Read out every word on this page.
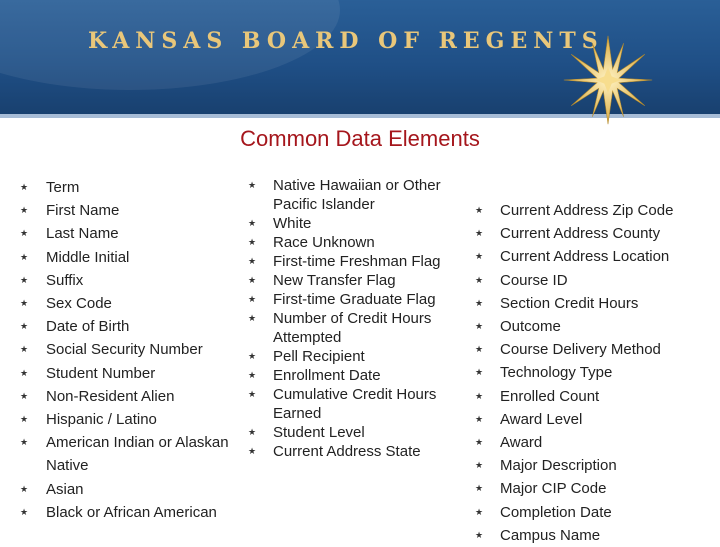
KANSAS BOARD OF REGENTS
Common Data Elements
★ Term
★ First Name
★ Last Name
★ Middle Initial
★ Suffix
★ Sex Code
★ Date of Birth
★ Social Security Number
★ Student Number
★ Non-Resident Alien
★ Hispanic / Latino
★ American Indian or Alaskan Native
★ Asian
★ Black or African American
★ Native Hawaiian or Other Pacific Islander
★ White
★ Race Unknown
★ First-time Freshman Flag
★ New Transfer Flag
★ First-time Graduate Flag
★ Number of Credit Hours Attempted
★ Pell Recipient
★ Enrollment Date
★ Cumulative Credit Hours Earned
★ Student Level
★ Current Address State
★ Current Address Zip Code
★ Current Address County
★ Current Address Location
★ Course ID
★ Section Credit Hours
★ Outcome
★ Course Delivery Method
★ Technology Type
★ Enrolled Count
★ Award Level
★ Award
★ Major Description
★ Major CIP Code
★ Completion Date
★ Campus Name
